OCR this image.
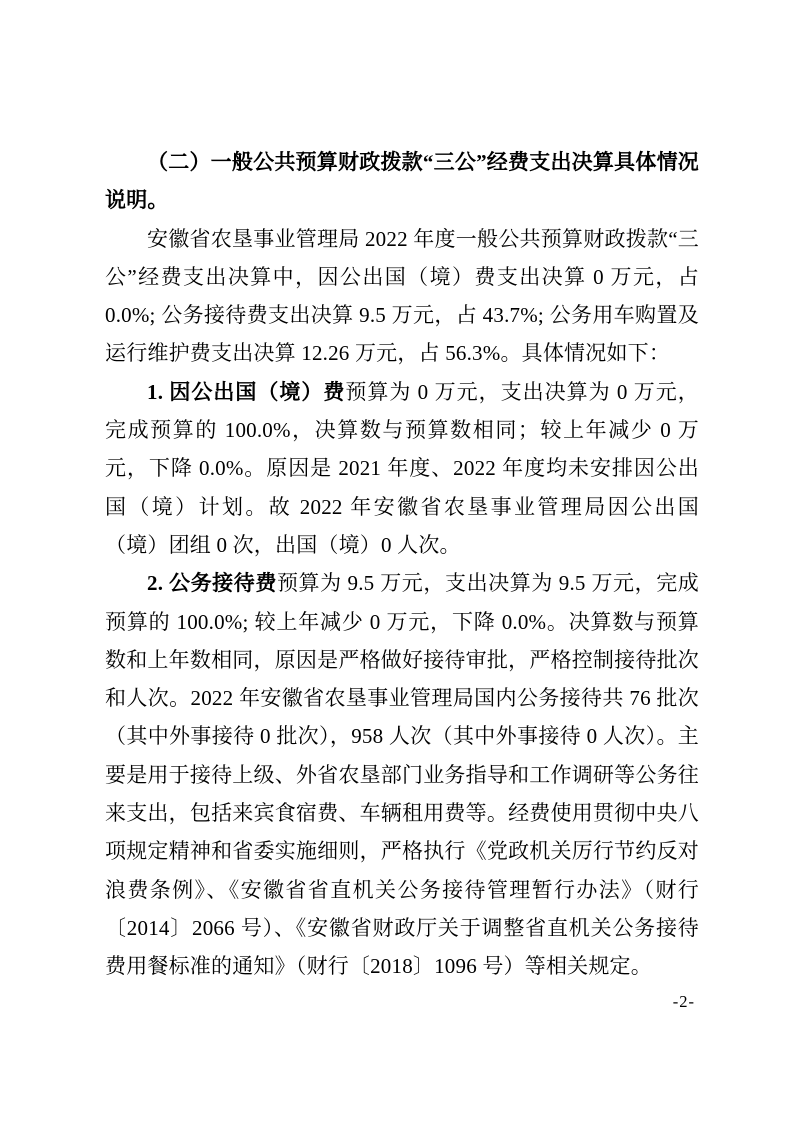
（二）一般公共预算财政拨款“三公”经费支出决算具体情况说明。

安徽省农垦事业管理局 2022 年度一般公共预算财政拨款“三公”经费支出决算中，因公出国（境）费支出决算 0 万元，占 0.0%; 公务接待费支出决算 9.5 万元，占 43.7%; 公务用车购置及运行维护费支出决算 12.26 万元，占 56.3%。具体情况如下：

1. 因公出国（境）费预算为 0 万元，支出决算为 0 万元，完成预算的 100.0%，决算数与预算数相同；较上年减少 0 万元，下降 0.0%。原因是 2021 年度、2022 年度均未安排因公出国（境）计划。故 2022 年安徽省农垦事业管理局因公出国（境）团组 0 次，出国（境）0 人次。

2. 公务接待费预算为 9.5 万元，支出决算为 9.5 万元，完成预算的 100.0%; 较上年减少 0 万元，下降 0.0%。决算数与预算数和上年数相同，原因是严格做好接待审批，严格控制接待批次和人次。2022 年安徽省农垦事业管理局国内公务接待共 76 批次（其中外事接待 0 批次），958 人次（其中外事接待 0 人次）。主要是用于接待上级、外省农垦部门业务指导和工作调研等公务往来支出，包括来宾食宿费、车辆租用费等。经费使用贯彻中央八项规定精神和省委实施细则，严格执行《党政机关厉行节约反对浪费条例》、《安徽省省直机关公务接待管理暂行办法》（财行〔2014〕2066 号）、《安徽省财政厅关于调整省直机关公务接待费用餐标准的通知》（财行〔2018〕1096 号）等相关规定。

-2-
